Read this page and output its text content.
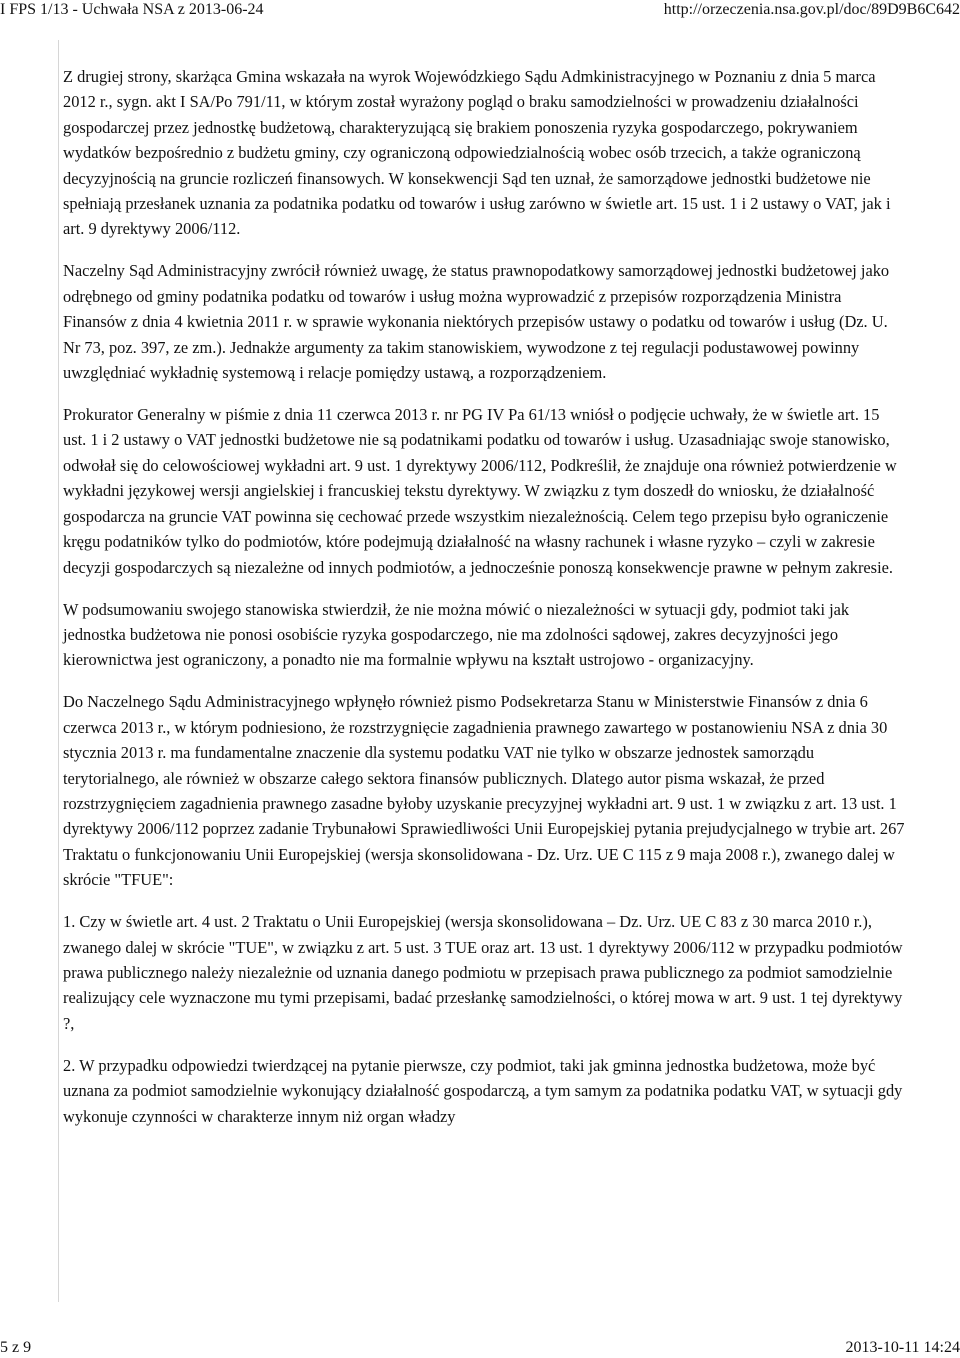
I FPS 1/13 - Uchwała NSA z 2013-06-24	http://orzeczenia.nsa.gov.pl/doc/89D9B6C642

Z drugiej strony, skarżąca Gmina wskazała na wyrok Wojewódzkiego Sądu Admkinistracyjnego w Poznaniu z dnia 5 marca 2012 r., sygn. akt I SA/Po 791/11, w którym został wyrażony pogląd o braku samodzielności w prowadzeniu działalności gospodarczej przez jednostkę budżetową, charakteryzującą się brakiem ponoszenia ryzyka gospodarczego, pokrywaniem wydatków bezpośrednio z budżetu gminy, czy ograniczoną odpowiedzialnością wobec osób trzecich, a także ograniczoną decyzyjnością na gruncie rozliczeń finansowych. W konsekwencji Sąd ten uznał, że samorządowe jednostki budżetowe nie spełniają przesłanek uznania za podatnika podatku od towarów i usług zarówno w świetle art. 15 ust. 1 i 2 ustawy o VAT, jak i art. 9 dyrektywy 2006/112.

Naczelny Sąd Administracyjny zwrócił również uwagę, że status prawnopodatkowy samorządowej jednostki budżetowej jako odrębnego od gminy podatnika podatku od towarów i usług można wyprowadzić z przepisów rozporządzenia Ministra Finansów z dnia 4 kwietnia 2011 r. w sprawie wykonania niektórych przepisów ustawy o podatku od towarów i usług (Dz. U. Nr 73, poz. 397, ze zm.). Jednakże argumenty za takim stanowiskiem, wywodzone z tej regulacji podustawowej powinny uwzględniać wykładnię systemową i relacje pomiędzy ustawą, a rozporządzeniem.

Prokurator Generalny w piśmie z dnia 11 czerwca 2013 r. nr PG IV Pa 61/13 wniósł o podjęcie uchwały, że w świetle art. 15 ust. 1 i 2 ustawy o VAT jednostki budżetowe nie są podatnikami podatku od towarów i usług. Uzasadniając swoje stanowisko, odwołał się do celowościowej wykładni art. 9 ust. 1 dyrektywy 2006/112, Podkreślił, że znajduje ona również potwierdzenie w wykładni językowej wersji angielskiej i francuskiej tekstu dyrektywy. W związku z tym doszedł do wniosku, że działalność gospodarcza na gruncie VAT powinna się cechować przede wszystkim niezależnością. Celem tego przepisu było ograniczenie kręgu podatników tylko do podmiotów, które podejmują działalność na własny rachunek i własne ryzyko – czyli w zakresie decyzji gospodarczych są niezależne od innych podmiotów, a jednocześnie ponoszą konsekwencje prawne w pełnym zakresie.

W podsumowaniu swojego stanowiska stwierdził, że nie można mówić o niezależności w sytuacji gdy, podmiot taki jak jednostka budżetowa nie ponosi osobiście ryzyka gospodarczego, nie ma zdolności sądowej, zakres decyzyjności jego kierownictwa jest ograniczony, a ponadto nie ma formalnie wpływu na kształt ustrojowo - organizacyjny.

Do Naczelnego Sądu Administracyjnego wpłynęło również pismo Podsekretarza Stanu w Ministerstwie Finansów z dnia 6 czerwca 2013 r., w którym podniesiono, że rozstrzygnięcie zagadnienia prawnego zawartego w postanowieniu NSA z dnia 30 stycznia 2013 r. ma fundamentalne znaczenie dla systemu podatku VAT nie tylko w obszarze jednostek samorządu terytorialnego, ale również w obszarze całego sektora finansów publicznych. Dlatego autor pisma wskazał, że przed rozstrzygnięciem zagadnienia prawnego zasadne byłoby uzyskanie precyzyjnej wykładni art. 9 ust. 1 w związku z art. 13 ust. 1 dyrektywy 2006/112 poprzez zadanie Trybunałowi Sprawiedliwości Unii Europejskiej pytania prejudycjalnego w trybie art. 267 Traktatu o funkcjonowaniu Unii Europejskiej (wersja skonsolidowana - Dz. Urz. UE C 115 z 9 maja 2008 r.), zwanego dalej w skrócie "TFUE":

1. Czy w świetle art. 4 ust. 2 Traktatu o Unii Europejskiej (wersja skonsolidowana – Dz. Urz. UE C 83 z 30 marca 2010 r.), zwanego dalej w skrócie "TUE", w związku z art. 5 ust. 3 TUE oraz art. 13 ust. 1 dyrektywy 2006/112 w przypadku podmiotów prawa publicznego należy niezależnie od uznania danego podmiotu w przepisach prawa publicznego za podmiot samodzielnie realizujący cele wyznaczone mu tymi przepisami, badać przesłankę samodzielności, o której mowa w art. 9 ust. 1 tej dyrektywy ?,

2. W przypadku odpowiedzi twierdzącej na pytanie pierwsze, czy podmiot, taki jak gminna jednostka budżetowa, może być uznana za podmiot samodzielnie wykonujący działalność gospodarczą, a tym samym za podatnika podatku VAT, w sytuacji gdy wykonuje czynności w charakterze innym niż organ władzy

5 z 9	2013-10-11 14:24
